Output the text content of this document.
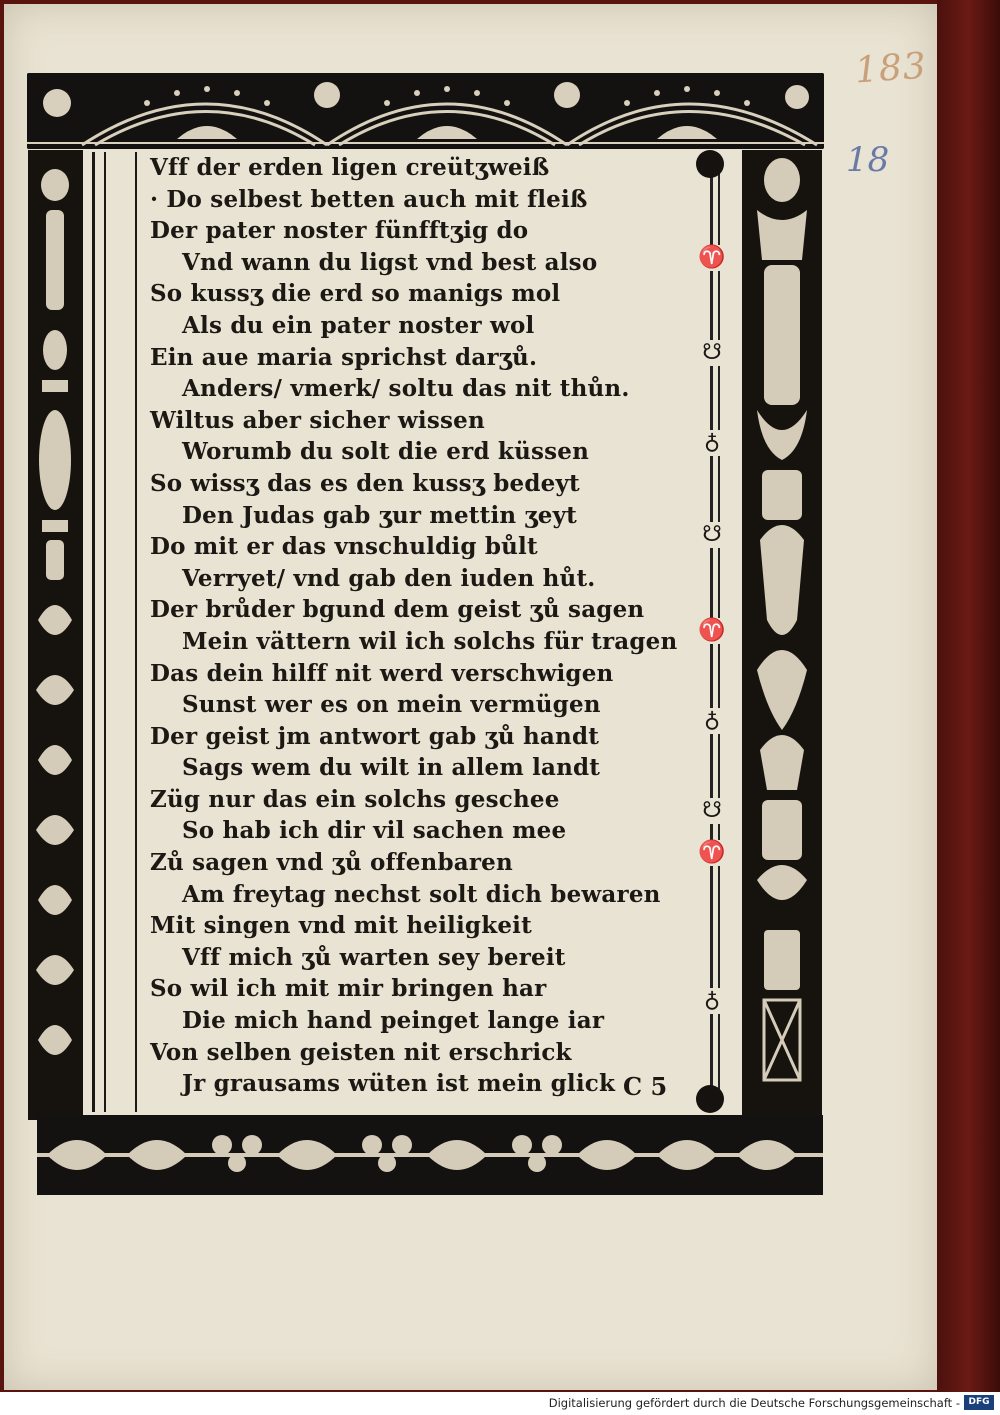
183
18
♈
☋
♁
☋
♈
♁
☋
♈
♁
Vff der erden ligen creütʒweiß
· Do selbest betten auch mit fleiß
Der pater noster fünfftʒig do
Vnd wann du ligst vnd best also
So kussʒ die erd so manigs mol
Als du ein pater noster wol
Ein aue maria sprichst darʒů.
Anders/ vmerk/ soltu das nit thůn.
Wiltus aber sicher wissen
Worumb du solt die erd küssen
So wissʒ das es den kussʒ bedeyt
Den Judas gab ʒur mettin ʒeyt
Do mit er das vnschuldig bůlt
Verryet/ vnd gab den iuden hůt.
Der brůder bgund dem geist ʒů sagen
Mein vättern wil ich solchs für tragen
Das dein hilff nit werd verschwigen
Sunst wer es on mein vermügen
Der geist jm antwort gab ʒů handt
Sags wem du wilt in allem landt
Züg nur das ein solchs geschee
So hab ich dir vil sachen mee
Zů sagen vnd ʒů offenbaren
Am freytag nechst solt dich bewaren
Mit singen vnd mit heiligkeit
Vff mich ʒů warten sey bereit
So wil ich mit mir bringen har
Die mich hand peinget lange iar
Von selben geisten nit erschrick
Jr grausams wüten ist mein glick C 5
Digitalisierung gefördert durch die Deutsche Forschungsgemeinschaft - DFG
